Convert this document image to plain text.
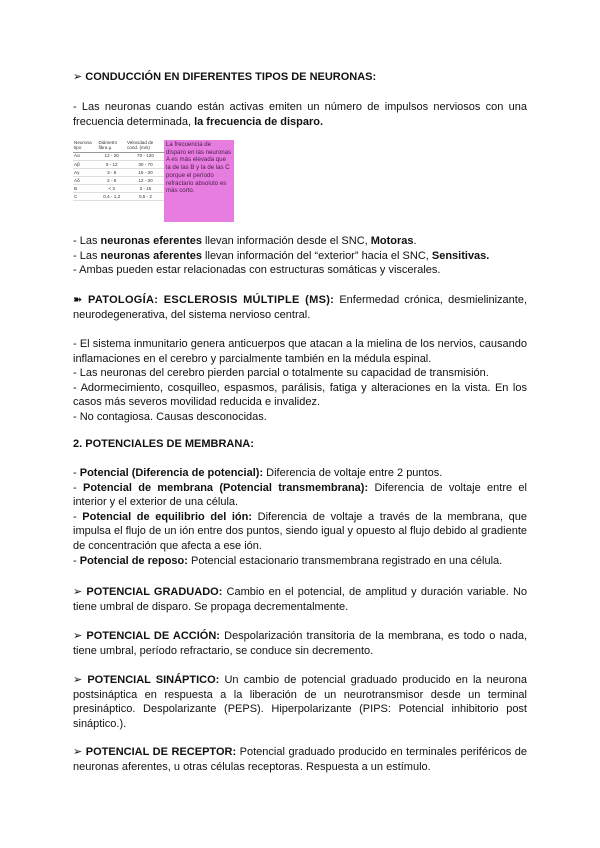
➢ CONDUCCIÓN EN DIFERENTES TIPOS DE NEURONAS:

- Las neuronas cuando están activas emiten un número de impulsos nerviosos con una frecuencia determinada, la frecuencia de disparo.

Neurona tipo	Diámetro fibra µ	Velocidad de cond. (m/s)
Aα	12 - 20	70 - 120
Aβ	5 - 12	30 - 70
Aγ	3 - 6	15 - 30
Aδ	2 - 5	12 - 30
B	< 3	3 - 15
C	0,4 - 1,2	0,5 - 2
La frecuencia de disparo en las neuronas A es más elevada que la de las B y la de las C porque el período refractario absoluto es más corto.

- Las neuronas eferentes llevan información desde el SNC, Motoras.

- Las neuronas aferentes llevan información del “exterior” hacia el SNC, Sensitivas.

- Ambas pueden estar relacionadas con estructuras somáticas y viscerales.

➽ PATOLOGÍA: ESCLEROSIS MÚLTIPLE (MS): Enfermedad crónica, desmielinizante, neurodegenerativa, del sistema nervioso central.

- El sistema inmunitario genera anticuerpos que atacan a la mielina de los nervios, causando inflamaciones en el cerebro y parcialmente también en la médula espinal.

- Las neuronas del cerebro pierden parcial o totalmente su capacidad de transmisión.

- Adormecimiento, cosquilleo, espasmos, parálisis, fatiga y alteraciones en la vista. En los casos más severos movilidad reducida e invalidez.

- No contagiosa. Causas desconocidas.

2. POTENCIALES DE MEMBRANA:

- Potencial (Diferencia de potencial): Diferencia de voltaje entre 2 puntos.

- Potencial de membrana (Potencial transmembrana): Diferencia de voltaje entre el interior y el exterior de una célula.

- Potencial de equilibrio del ión: Diferencia de voltaje a través de la membrana, que impulsa el flujo de un ión entre dos puntos, siendo igual y opuesto al flujo debido al gradiente de concentración que afecta a ese ión.

- Potencial de reposo: Potencial estacionario transmembrana registrado en una célula.

➢ POTENCIAL GRADUADO: Cambio en el potencial, de amplitud y duración variable. No tiene umbral de disparo. Se propaga decrementalmente.

➢ POTENCIAL DE ACCIÓN: Despolarización transitoria de la membrana, es todo o nada, tiene umbral, período refractario, se conduce sin decremento.

➢ POTENCIAL SINÁPTICO: Un cambio de potencial graduado producido en la neurona postsináptica en respuesta a la liberación de un neurotransmisor desde un terminal presináptico. Despolarizante (PEPS). Hiperpolarizante (PIPS: Potencial inhibitorio post sináptico.).

➢ POTENCIAL DE RECEPTOR: Potencial graduado producido en terminales periféricos de neuronas aferentes, u otras células receptoras. Respuesta a un estímulo.
